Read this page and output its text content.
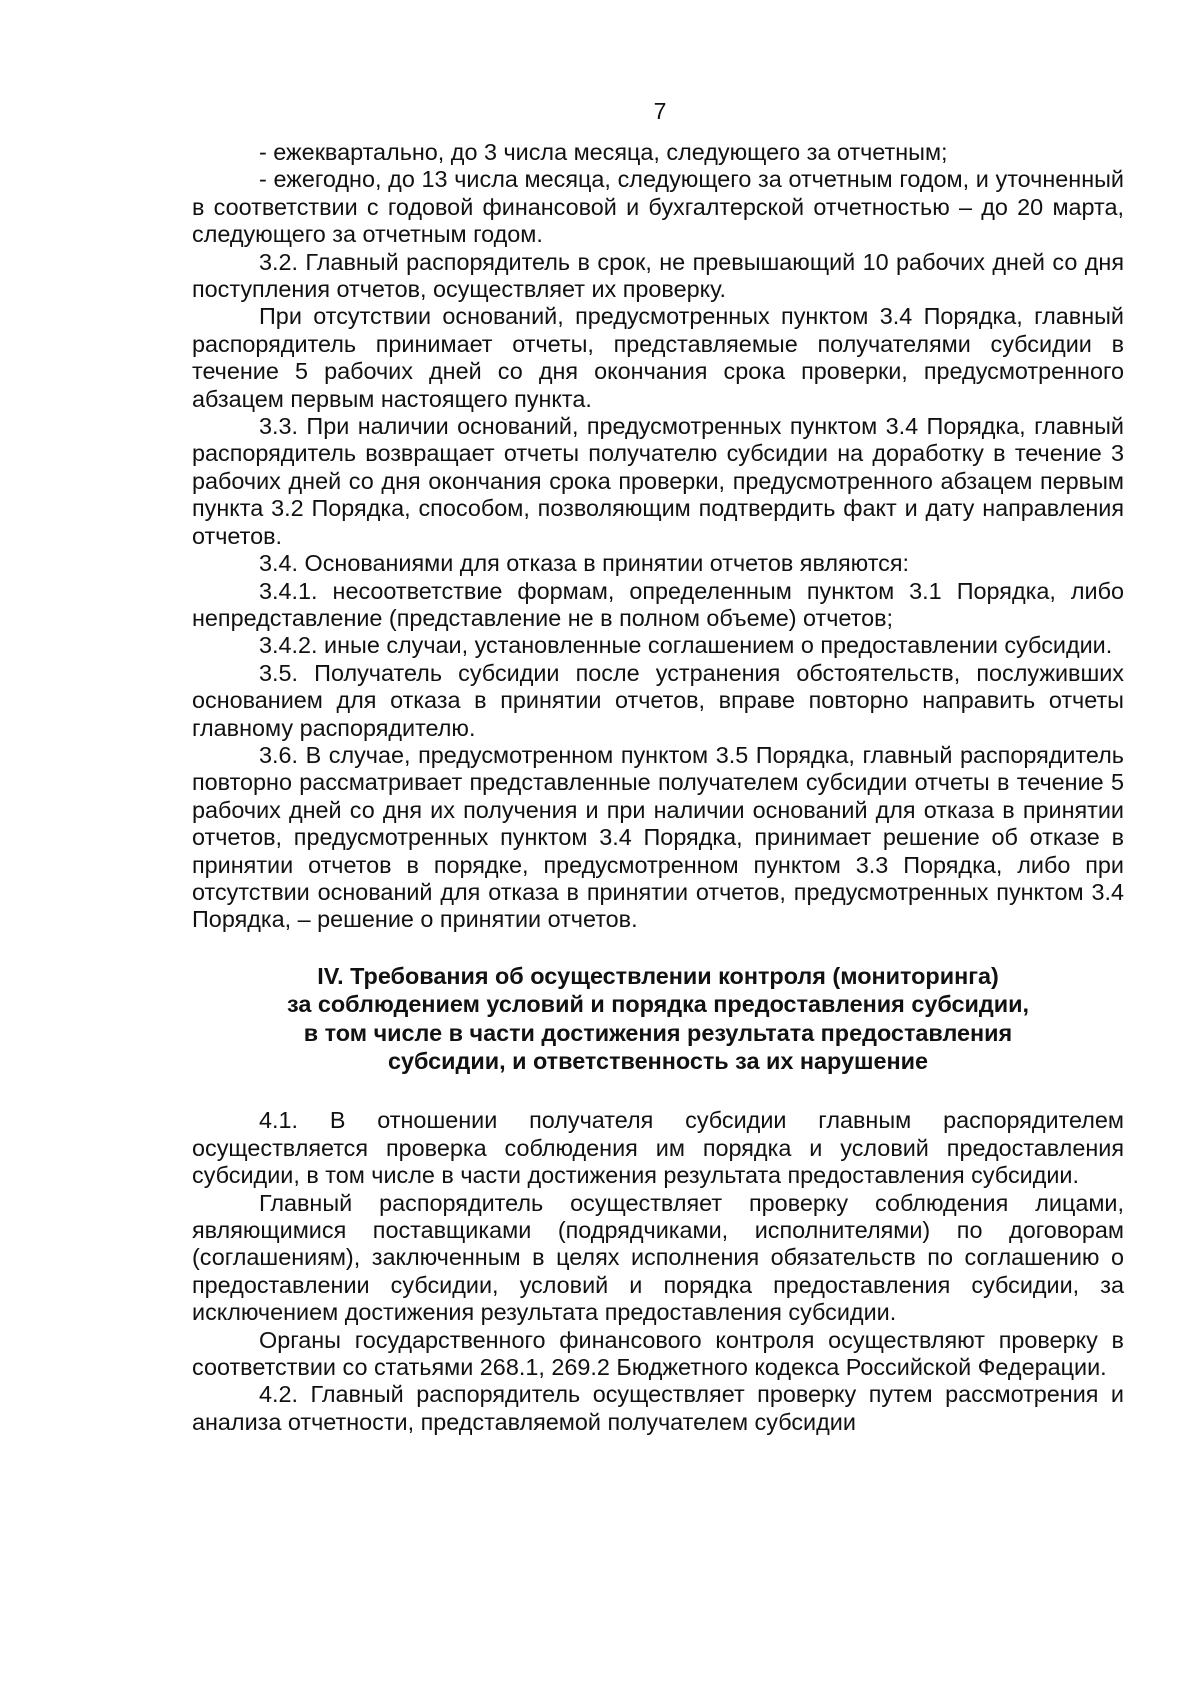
7

- ежеквартально, до 3 числа месяца, следующего за отчетным;

- ежегодно, до 13 числа месяца, следующего за отчетным годом, и уточненный в соответствии с годовой финансовой и бухгалтерской отчетностью – до 20 марта, следующего за отчетным годом.

3.2. Главный распорядитель в срок, не превышающий 10 рабочих дней со дня поступления отчетов, осуществляет их проверку.

При отсутствии оснований, предусмотренных пунктом 3.4 Порядка, главный распорядитель принимает отчеты, представляемые получателями субсидии в течение 5 рабочих дней со дня окончания срока проверки, предусмотренного абзацем первым настоящего пункта.

3.3. При наличии оснований, предусмотренных пунктом 3.4 Порядка, главный распорядитель возвращает отчеты получателю субсидии на доработку в течение 3 рабочих дней со дня окончания срока проверки, предусмотренного абзацем первым пункта 3.2 Порядка, способом, позволяющим подтвердить факт и дату направления отчетов.

3.4. Основаниями для отказа в принятии отчетов являются:

3.4.1. несоответствие формам, определенным пунктом 3.1 Порядка, либо непредставление (представление не в полном объеме) отчетов;

3.4.2. иные случаи, установленные соглашением о предоставлении субсидии.

3.5. Получатель субсидии после устранения обстоятельств, послуживших основанием для отказа в принятии отчетов, вправе повторно направить отчеты главному распорядителю.

3.6. В случае, предусмотренном пунктом 3.5 Порядка, главный распорядитель повторно рассматривает представленные получателем субсидии отчеты в течение 5 рабочих дней со дня их получения и при наличии оснований для отказа в принятии отчетов, предусмотренных пунктом 3.4 Порядка, принимает решение об отказе в принятии отчетов в порядке, предусмотренном пунктом 3.3 Порядка, либо при отсутствии оснований для отказа в принятии отчетов, предусмотренных пунктом 3.4 Порядка, – решение о принятии отчетов.

IV. Требования об осуществлении контроля (мониторинга)
за соблюдением условий и порядка предоставления субсидии,
в том числе в части достижения результата предоставления
субсидии, и ответственность за их нарушение

4.1. В отношении получателя субсидии главным распорядителем осуществляется проверка соблюдения им порядка и условий предоставления субсидии, в том числе в части достижения результата предоставления субсидии.

Главный распорядитель осуществляет проверку соблюдения лицами, являющимися поставщиками (подрядчиками, исполнителями) по договорам (соглашениям), заключенным в целях исполнения обязательств по соглашению о предоставлении субсидии, условий и порядка предоставления субсидии, за исключением достижения результата предоставления субсидии.

Органы государственного финансового контроля осуществляют проверку в соответствии со статьями 268.1, 269.2 Бюджетного кодекса Российской Федерации.

4.2. Главный распорядитель осуществляет проверку путем рассмотрения и анализа отчетности, представляемой получателем субсидии
